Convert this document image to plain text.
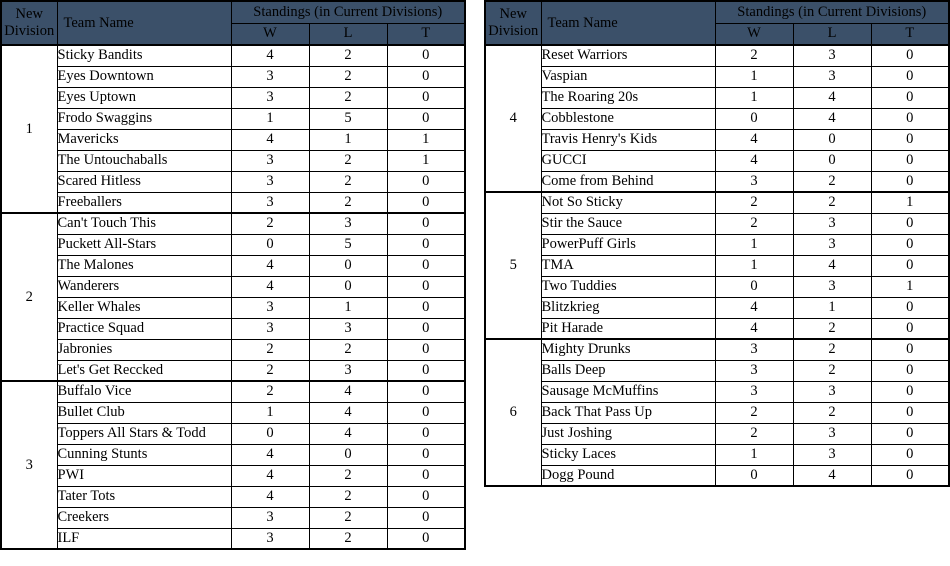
New Division	Team Name	Standings (in Current Divisions)		
		W	L	T
1	Sticky Bandits	4	2	0
	Eyes Downtown	3	2	0
	Eyes Uptown	3	2	0
	Frodo Swaggins	1	5	0
	Mavericks	4	1	1
	The Untouchaballs	3	2	1
	Scared Hitless	3	2	0
	Freeballers	3	2	0
2	Can't Touch This	2	3	0
	Puckett All-Stars	0	5	0
	The Malones	4	0	0
	Wanderers	4	0	0
	Keller Whales	3	1	0
	Practice Squad	3	3	0
	Jabronies	2	2	0
	Let's Get Reccked	2	3	0
3	Buffalo Vice	2	4	0
	Bullet Club	1	4	0
	Toppers All Stars & Todd	0	4	0
	Cunning Stunts	4	0	0
	PWI	4	2	0
	Tater Tots	4	2	0
	Creekers	3	2	0
	ILF	3	2	0
New Division	Team Name	Standings (in Current Divisions)		
		W	L	T
4	Reset Warriors	2	3	0
	Vaspian	1	3	0
	The Roaring 20s	1	4	0
	Cobblestone	0	4	0
	Travis Henry's Kids	4	0	0
	GUCCI	4	0	0
	Come from Behind	3	2	0
5	Not So Sticky	2	2	1
	Stir the Sauce	2	3	0
	PowerPuff Girls	1	3	0
	TMA	1	4	0
	Two Tuddies	0	3	1
	Blitzkrieg	4	1	0
	Pit Harade	4	2	0
6	Mighty Drunks	3	2	0
	Balls Deep	3	2	0
	Sausage McMuffins	3	3	0
	Back That Pass Up	2	2	0
	Just Joshing	2	3	0
	Sticky Laces	1	3	0
	Dogg Pound	0	4	0
